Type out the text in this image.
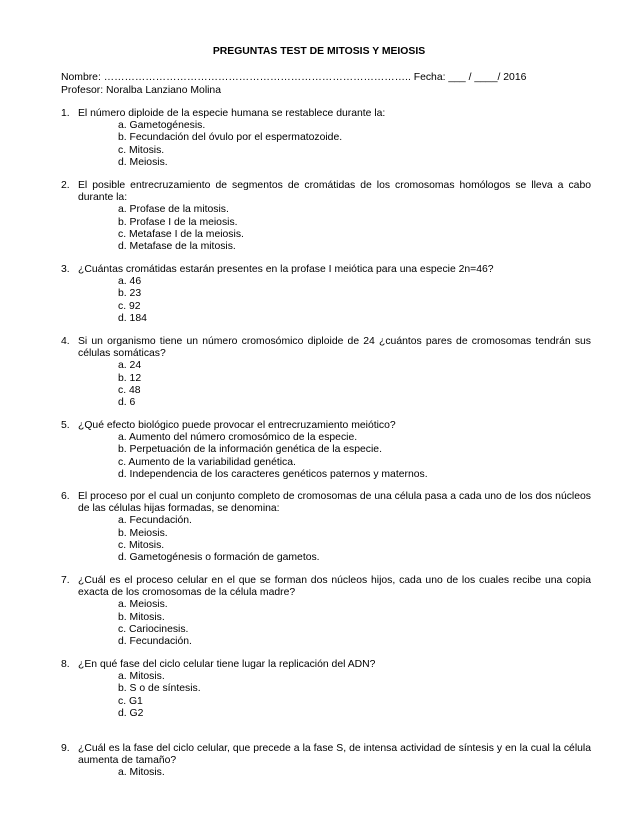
PREGUNTAS TEST DE MITOSIS Y MEIOSIS
Nombre: …………………………………………………………………………….. Fecha: ___ / ____/ 2016
Profesor: Noralba Lanziano Molina
1. El número diploide de la especie humana se restablece durante la:
a. Gametogénesis.
b. Fecundación del óvulo por el espermatozoide.
c. Mitosis.
d. Meiosis.
2. El posible entrecruzamiento de segmentos de cromátidas de los cromosomas homólogos se lleva a cabo durante la:
a. Profase de la mitosis.
b. Profase I de la meiosis.
c. Metafase I de la meiosis.
d. Metafase de la mitosis.
3. ¿Cuántas cromátidas estarán presentes en la profase I meiótica para una especie 2n=46?
a. 46
b. 23
c. 92
d. 184
4. Si un organismo tiene un número cromosómico diploide de 24 ¿cuántos pares de cromosomas tendrán sus células somáticas?
a. 24
b. 12
c. 48
d. 6
5. ¿Qué efecto biológico puede provocar el entrecruzamiento meiótico?
a. Aumento del número cromosómico de la especie.
b. Perpetuación de la información genética de la especie.
c. Aumento de la variabilidad genética.
d. Independencia de los caracteres genéticos paternos y maternos.
6. El proceso por el cual un conjunto completo de cromosomas de una célula pasa a cada uno de los dos núcleos de las células hijas formadas, se denomina:
a. Fecundación.
b. Meiosis.
c. Mitosis.
d. Gametogénesis o formación de gametos.
7. ¿Cuál es el proceso celular en el que se forman dos núcleos hijos, cada uno de los cuales recibe una copia exacta de los cromosomas de la célula madre?
a. Meiosis.
b. Mitosis.
c. Cariocinesis.
d. Fecundación.
8. ¿En qué fase del ciclo celular tiene lugar la replicación del ADN?
a. Mitosis.
b. S o de síntesis.
c. G1
d. G2
9. ¿Cuál es la fase del ciclo celular, que precede a la fase S, de intensa actividad de síntesis y en la cual la célula aumenta de tamaño?
a. Mitosis.
